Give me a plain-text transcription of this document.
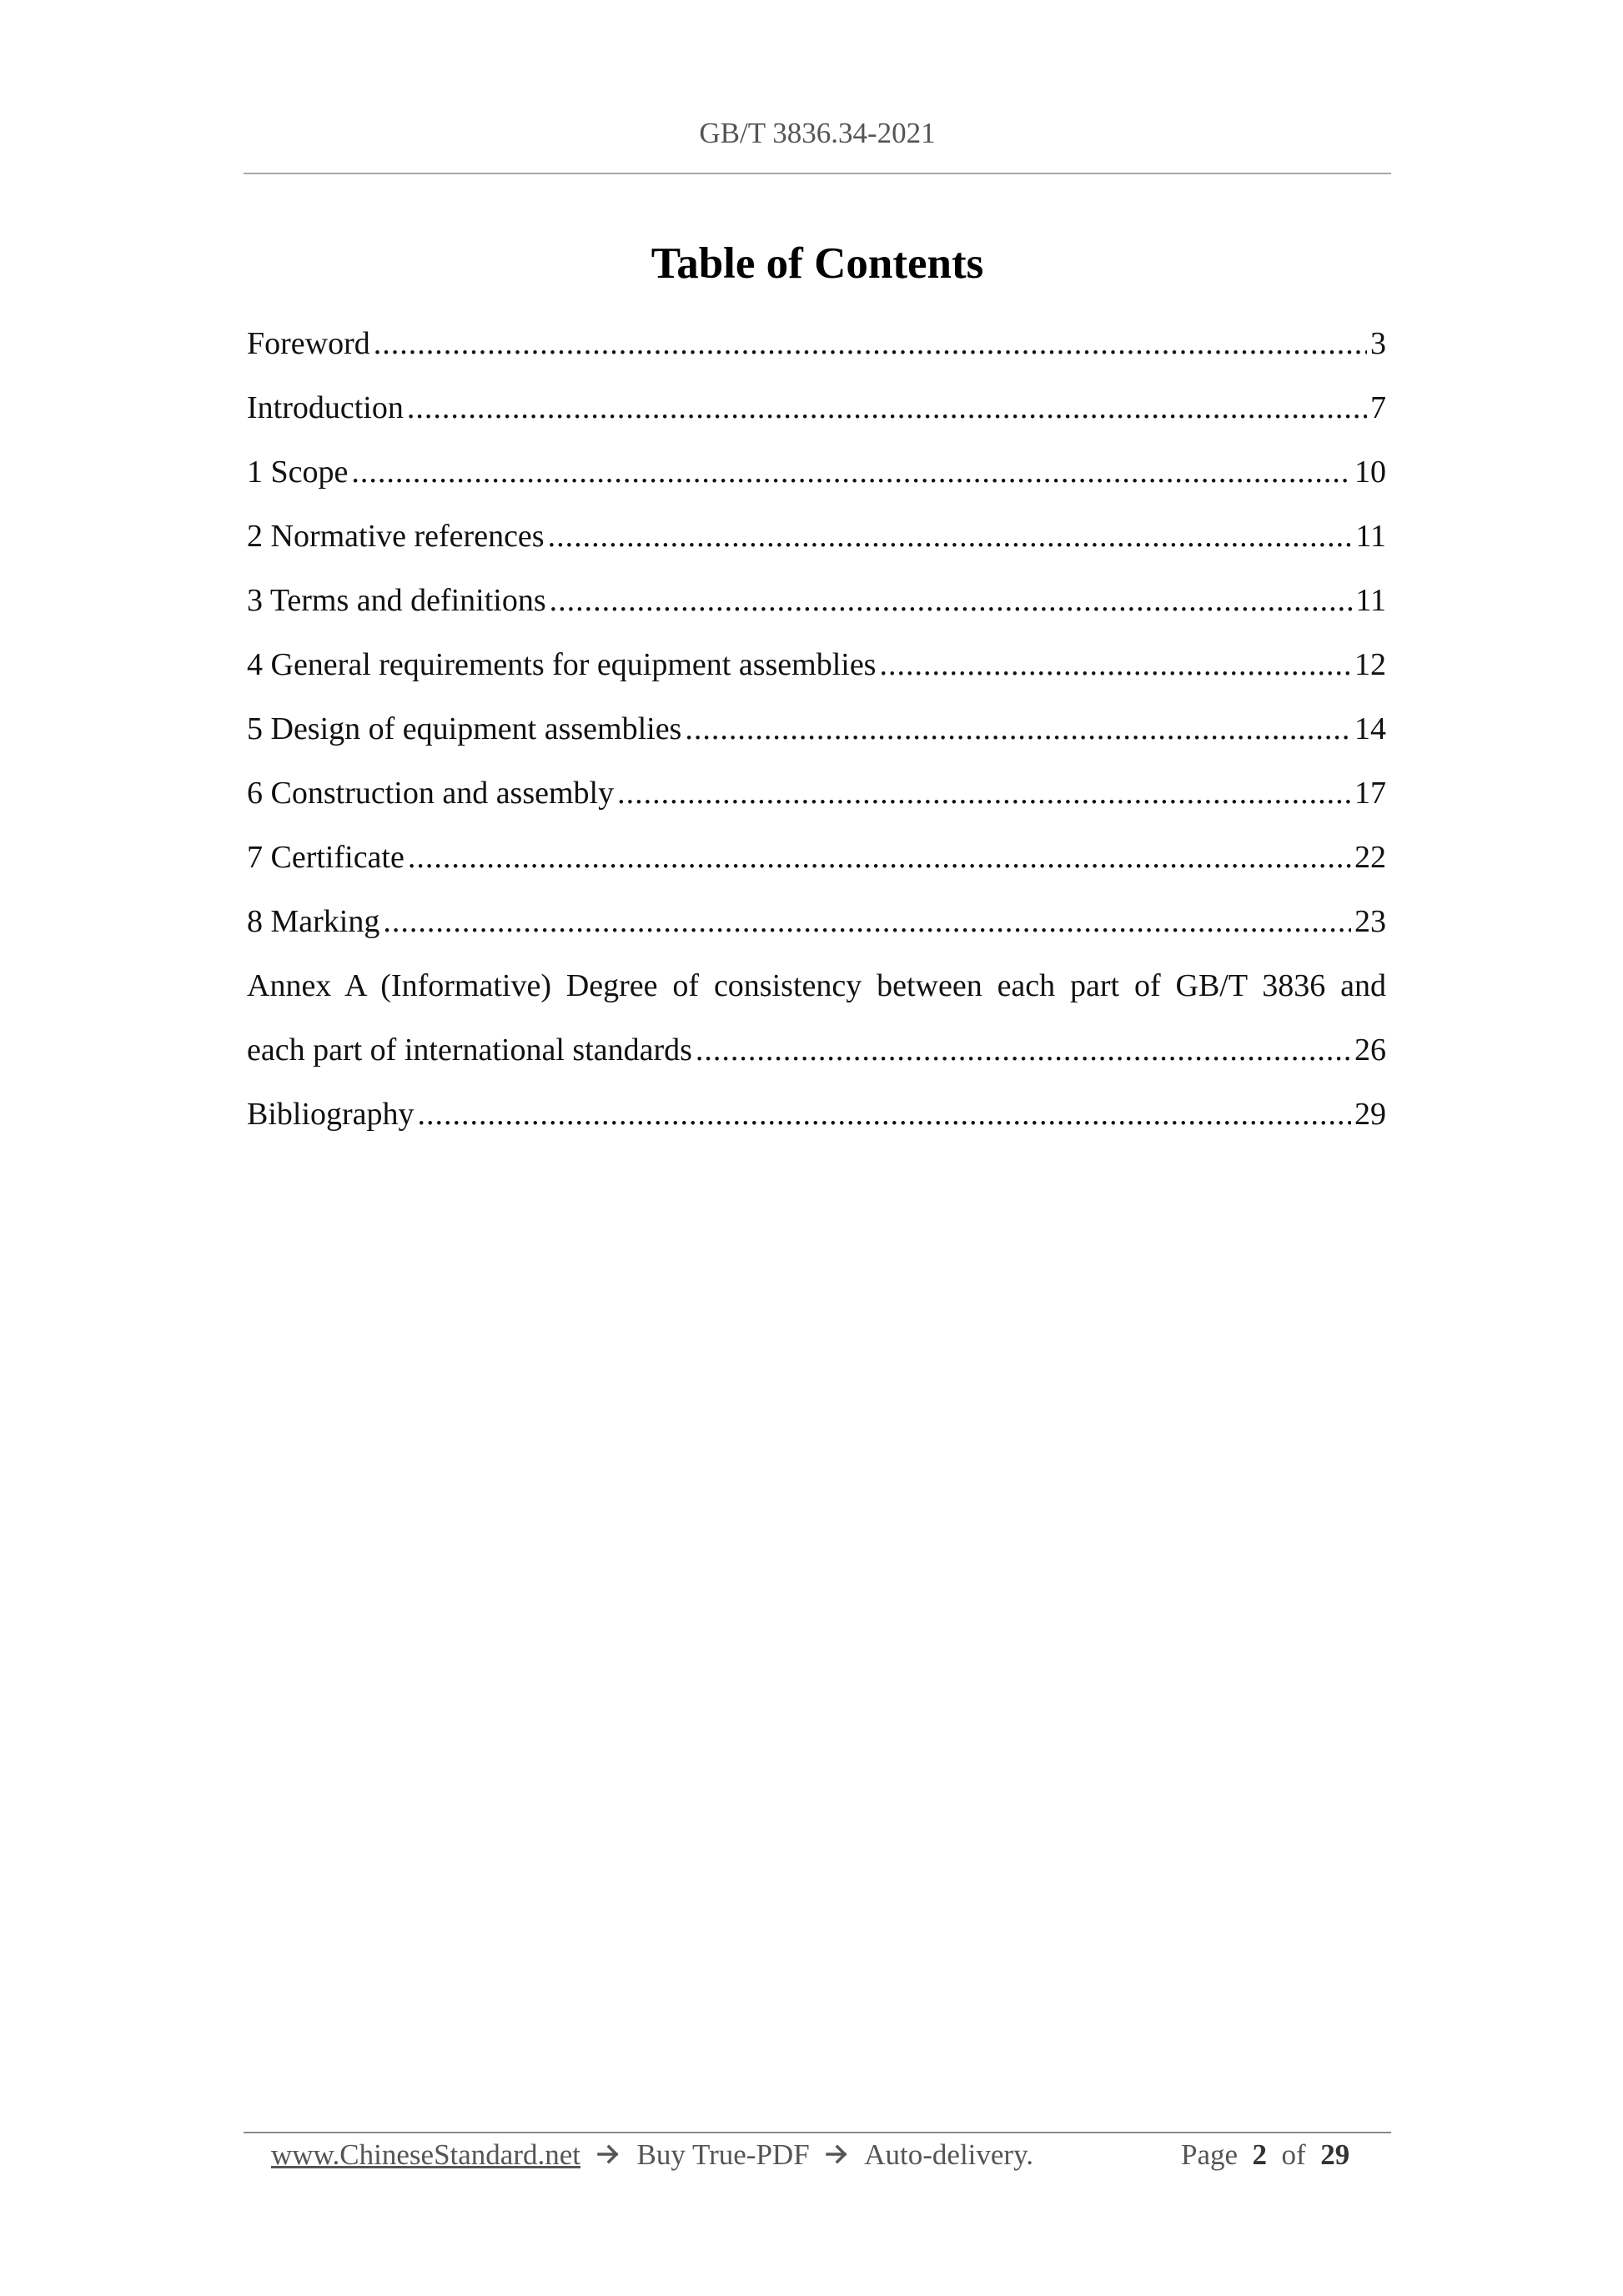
GB/T 3836.34-2021
Table of Contents
Foreword .....	3
Introduction .....	7
1 Scope .....	10
2 Normative references .....	11
3 Terms and definitions .....	11
4 General requirements for equipment assemblies .....	12
5 Design of equipment assemblies .....	14
6 Construction and assembly .....	17
7 Certificate .....	22
8 Marking .....	23
Annex A (Informative) Degree of consistency between each part of GB/T 3836 and
each part of international standards .....	26
Bibliography .....	29
www.ChineseStandard.net Buy True-PDF Auto-delivery.	Page 2 of 29
